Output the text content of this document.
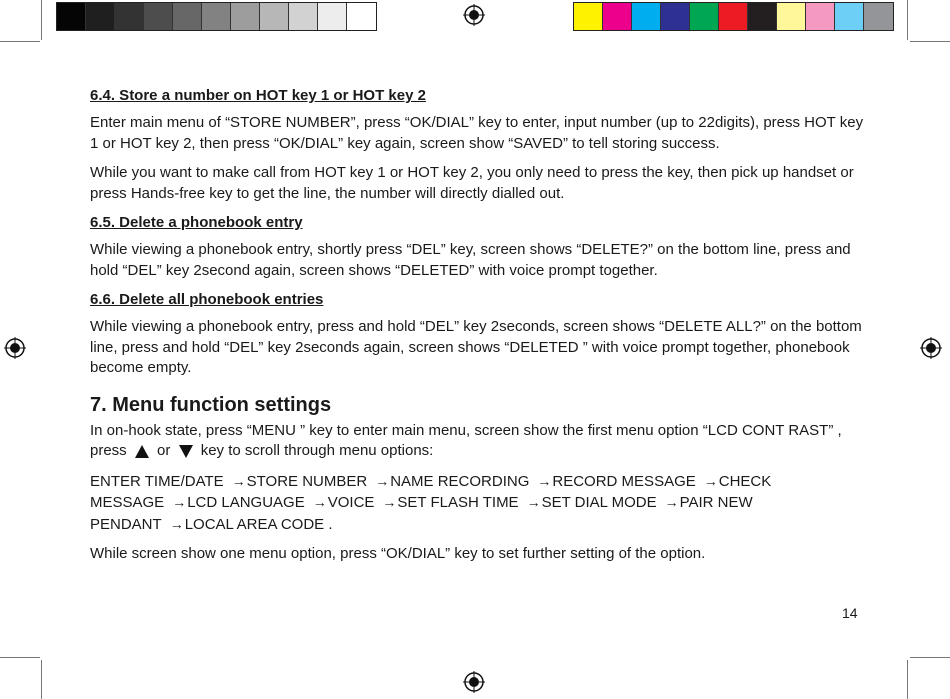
6.4. Store a number on HOT key 1 or HOT key 2

Enter main menu of “STORE NUMBER”, press “OK/DIAL” key to enter, input number (up to 22digits), press HOT key 1 or HOT key 2, then press “OK/DIAL” key again, screen show “SAVED” to tell storing success.

While you want to make call from HOT key 1 or HOT key 2, you only need to press the key, then pick up handset or press Hands-free key to get the line, the number will directly dialled out.

6.5. Delete a phonebook entry

While viewing a phonebook entry, shortly press “DEL” key, screen shows “DELETE?” on the bottom line, press and hold “DEL” key 2second again, screen shows “DELETED” with voice prompt together.

6.6. Delete all phonebook entries

While viewing a phonebook entry, press and hold “DEL” key 2seconds, screen shows “DELETE ALL?” on the bottom line, press and hold “DEL” key 2seconds again, screen shows “DELETED ” with voice prompt together, phonebook become empty.

7. Menu function settings

In on-hook state, press “MENU ” key to enter main menu, screen show the first menu option “LCD CONT RAST” , press or key to scroll through menu options:

ENTER TIME/DATE →STORE NUMBER →NAME RECORDING →RECORD MESSAGE →CHECK MESSAGE →LCD LANGUAGE →VOICE →SET FLASH TIME →SET DIAL MODE →PAIR NEW PENDANT →LOCAL AREA CODE .

While screen show one menu option, press “OK/DIAL” key to set further setting of the option.

14
